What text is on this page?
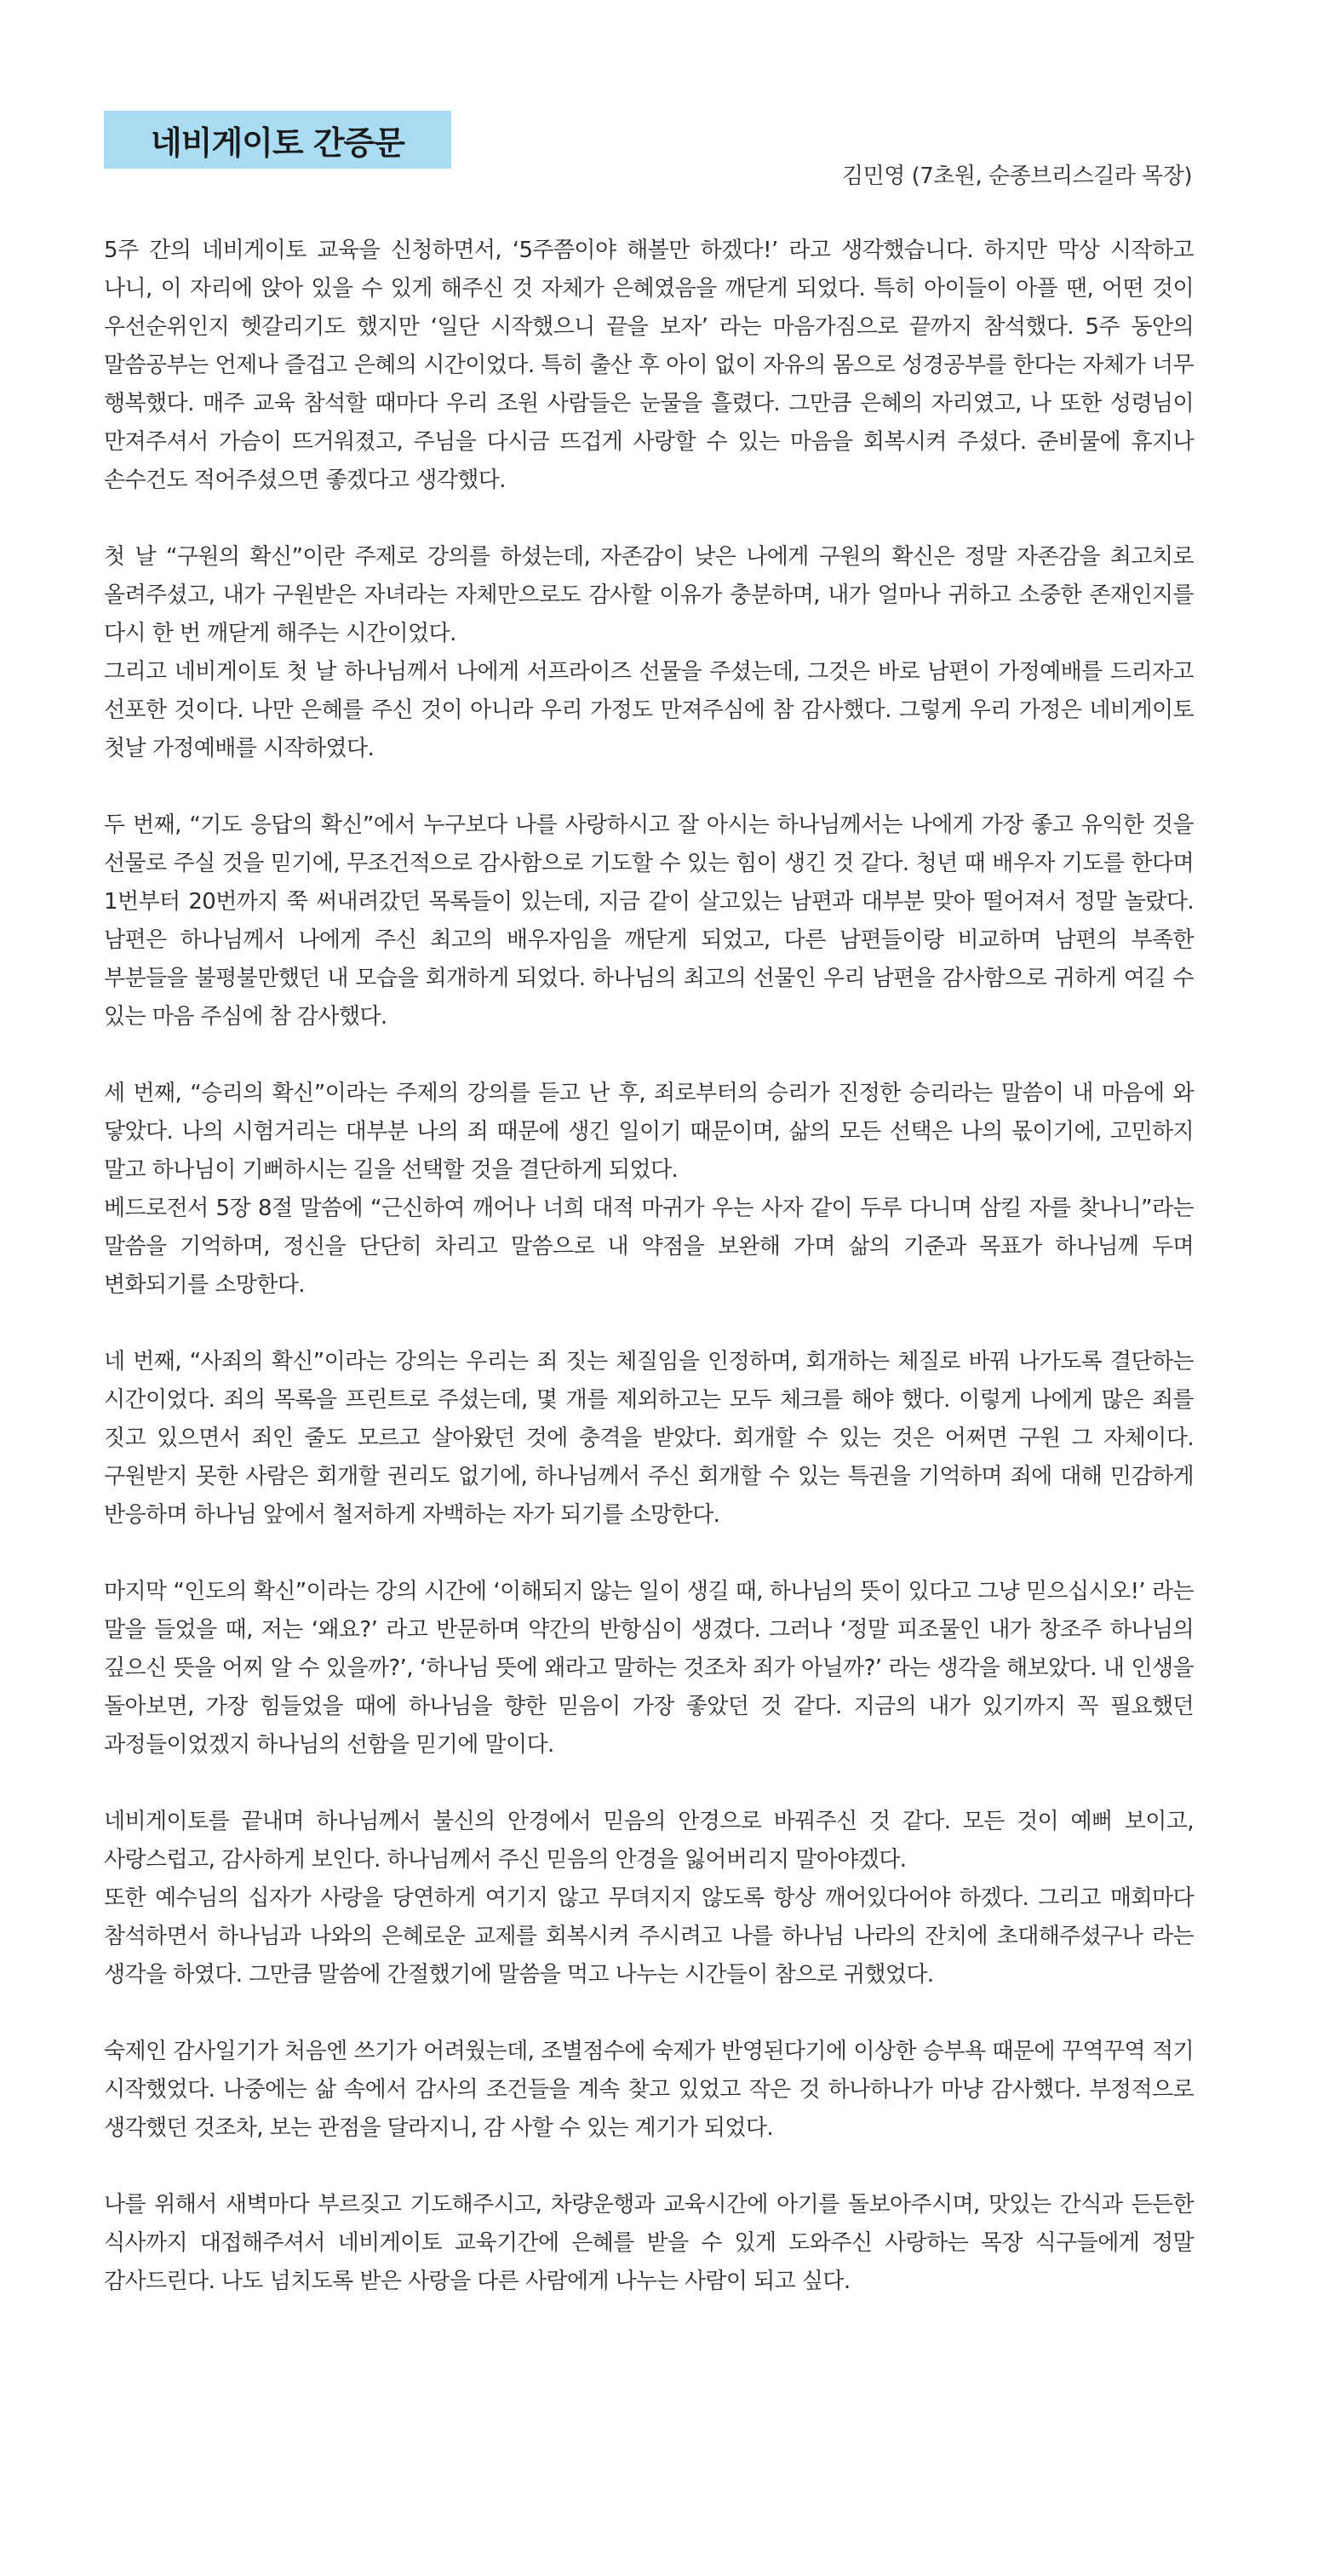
네비게이토 간증문
김민영 (7초원, 순종브리스길라 목장)

5주 간의 네비게이토 교육을 신청하면서, ‘5주쯤이야 해볼만 하겠다!’ 라고 생각했습니다. 하지만 막상 시작하고 나니, 이 자리에 앉아 있을 수 있게 해주신 것 자체가 은혜였음을 깨닫게 되었다. 특히 아이들이 아플 땐, 어떤 것이 우선순위인지 헷갈리기도 했지만 ‘일단 시작했으니 끝을 보자’ 라는 마음가짐으로 끝까지 참석했다. 5주 동안의 말씀공부는 언제나 즐겁고 은혜의 시간이었다. 특히 출산 후 아이 없이 자유의 몸으로 성경공부를 한다는 자체가 너무 행복했다. 매주 교육 참석할 때마다 우리 조원 사람들은 눈물을 흘렸다. 그만큼 은혜의 자리였고, 나 또한 성령님이 만져주셔서 가슴이 뜨거워졌고, 주님을 다시금 뜨겁게 사랑할 수 있는 마음을 회복시켜 주셨다. 준비물에 휴지나 손수건도 적어주셨으면 좋겠다고 생각했다.

첫 날 “구원의 확신”이란 주제로 강의를 하셨는데, 자존감이 낮은 나에게 구원의 확신은 정말 자존감을 최고치로 올려주셨고, 내가 구원받은 자녀라는 자체만으로도 감사할 이유가 충분하며, 내가 얼마나 귀하고 소중한 존재인지를 다시 한 번 깨닫게 해주는 시간이었다.

그리고 네비게이토 첫 날 하나님께서 나에게 서프라이즈 선물을 주셨는데, 그것은 바로 남편이 가정예배를 드리자고 선포한 것이다. 나만 은혜를 주신 것이 아니라 우리 가정도 만져주심에 참 감사했다. 그렇게 우리 가정은 네비게이토 첫날 가정예배를 시작하였다.

두 번째, “기도 응답의 확신”에서 누구보다 나를 사랑하시고 잘 아시는 하나님께서는 나에게 가장 좋고 유익한 것을 선물로 주실 것을 믿기에, 무조건적으로 감사함으로 기도할 수 있는 힘이 생긴 것 같다. 청년 때 배우자 기도를 한다며 1번부터 20번까지 쭉 써내려갔던 목록들이 있는데, 지금 같이 살고있는 남편과 대부분 맞아 떨어져서 정말 놀랐다. 남편은 하나님께서 나에게 주신 최고의 배우자임을 깨닫게 되었고, 다른 남편들이랑 비교하며 남편의 부족한 부분들을 불평불만했던 내 모습을 회개하게 되었다. 하나님의 최고의 선물인 우리 남편을 감사함으로 귀하게 여길 수 있는 마음 주심에 참 감사했다.

세 번째, “승리의 확신”이라는 주제의 강의를 듣고 난 후, 죄로부터의 승리가 진정한 승리라는 말씀이 내 마음에 와 닿았다. 나의 시험거리는 대부분 나의 죄 때문에 생긴 일이기 때문이며, 삶의 모든 선택은 나의 몫이기에, 고민하지 말고 하나님이 기뻐하시는 길을 선택할 것을 결단하게 되었다.

베드로전서 5장 8절 말씀에 “근신하여 깨어나 너희 대적 마귀가 우는 사자 같이 두루 다니며 삼킬 자를 찾나니”라는 말씀을 기억하며, 정신을 단단히 차리고 말씀으로 내 약점을 보완해 가며 삶의 기준과 목표가 하나님께 두며 변화되기를 소망한다.

네 번째, “사죄의 확신”이라는 강의는 우리는 죄 짓는 체질임을 인정하며, 회개하는 체질로 바꿔 나가도록 결단하는 시간이었다. 죄의 목록을 프린트로 주셨는데, 몇 개를 제외하고는 모두 체크를 해야 했다. 이렇게 나에게 많은 죄를 짓고 있으면서 죄인 줄도 모르고 살아왔던 것에 충격을 받았다. 회개할 수 있는 것은 어쩌면 구원 그 자체이다. 구원받지 못한 사람은 회개할 권리도 없기에, 하나님께서 주신 회개할 수 있는 특권을 기억하며 죄에 대해 민감하게 반응하며 하나님 앞에서 철저하게 자백하는 자가 되기를 소망한다.

마지막 “인도의 확신”이라는 강의 시간에 ‘이해되지 않는 일이 생길 때, 하나님의 뜻이 있다고 그냥 믿으십시오!’ 라는 말을 들었을 때, 저는 ‘왜요?’ 라고 반문하며 약간의 반항심이 생겼다. 그러나 ‘정말 피조물인 내가 창조주 하나님의 깊으신 뜻을 어찌 알 수 있을까?’, ‘하나님 뜻에 왜라고 말하는 것조차 죄가 아닐까?’ 라는 생각을 해보았다. 내 인생을 돌아보면, 가장 힘들었을 때에 하나님을 향한 믿음이 가장 좋았던 것 같다. 지금의 내가 있기까지 꼭 필요했던 과정들이었겠지 하나님의 선함을 믿기에 말이다.

네비게이토를 끝내며 하나님께서 불신의 안경에서 믿음의 안경으로 바꿔주신 것 같다. 모든 것이 예뻐 보이고, 사랑스럽고, 감사하게 보인다. 하나님께서 주신 믿음의 안경을 잃어버리지 말아야겠다.

또한 예수님의 십자가 사랑을 당연하게 여기지 않고 무뎌지지 않도록 항상 깨어있다어야 하겠다. 그리고 매회마다 참석하면서 하나님과 나와의 은혜로운 교제를 회복시켜 주시려고 나를 하나님 나라의 잔치에 초대해주셨구나 라는 생각을 하였다. 그만큼 말씀에 간절했기에 말씀을 먹고 나누는 시간들이 참으로 귀했었다.

숙제인 감사일기가 처음엔 쓰기가 어려웠는데, 조별점수에 숙제가 반영된다기에 이상한 승부욕 때문에 꾸역꾸역 적기 시작했었다. 나중에는 삶 속에서 감사의 조건들을 계속 찾고 있었고 작은 것 하나하나가 마냥 감사했다. 부정적으로 생각했던 것조차, 보는 관점을 달라지니, 감 사할 수 있는 계기가 되었다.

나를 위해서 새벽마다 부르짖고 기도해주시고, 차량운행과 교육시간에 아기를 돌보아주시며, 맛있는 간식과 든든한 식사까지 대접해주셔서 네비게이토 교육기간에 은혜를 받을 수 있게 도와주신 사랑하는 목장 식구들에게 정말 감사드린다. 나도 넘치도록 받은 사랑을 다른 사람에게 나누는 사람이 되고 싶다.
